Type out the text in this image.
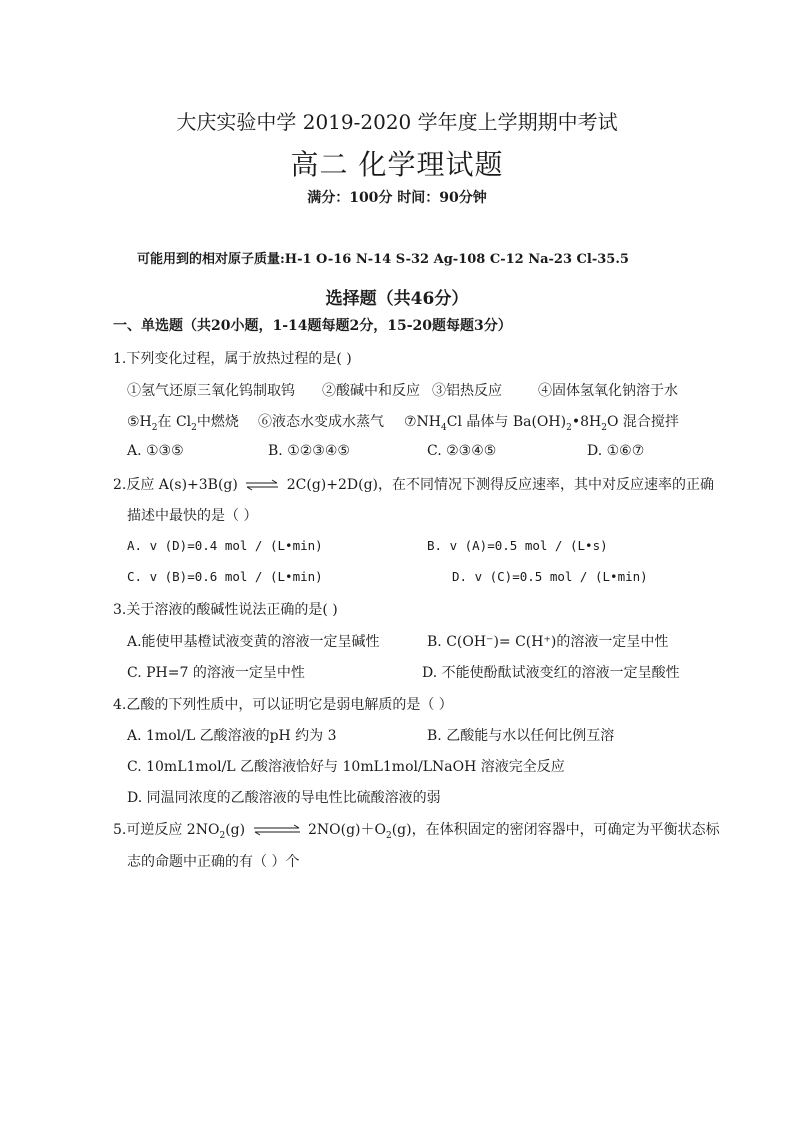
大庆实验中学 2019-2020 学年度上学期期中考试
高二 化学理试题
满分：100分 时间：90分钟
可能用到的相对原子质量:H-1 O-16 N-14 S-32 Ag-108 C-12 Na-23 Cl-35.5
选择题（共46分）
一、单选题（共20小题，1-14题每题2分，15-20题每题3分）
1.下列变化过程，属于放热过程的是( )
①氢气还原三氧化钨制取钨 ②酸碱中和反应 ③铝热反应	④固体氢氧化钠溶于水
$⑤H_2$在 $Cl_2$中燃烧 ⑥液态水变成水蒸气 $⑦NH_4Cl$ 晶体与 $Ba(OH)_2•8H_2O$ 混合搅拌
A. ①③⑤	B. ①②③④⑤	C. ②③④⑤	D. ①⑥⑦
2.反应 A(s)+3B(g) ⇌ 2C(g)+2D(g)，在不同情况下测得反应速率，其中对反应速率的正确
描述中最快的是（ ）
A. v (D)=0.4 mol / (L•min)	B. v (A)=0.5 mol / (L•s)
C. v (B)=0.6 mol / (L•min)	D. v (C)=0.5 mol / (L•min)
3.关于溶液的酸碱性说法正确的是( )
A.能使甲基橙试液变黄的溶液一定呈碱性	B. C(OH⁻)= C(H⁺)的溶液一定呈中性
C. PH=7 的溶液一定呈中性	D. 不能使酚酞试液变红的溶液一定呈酸性
4.乙酸的下列性质中，可以证明它是弱电解质的是（ ）
A. 1mol/L 乙酸溶液的pH 约为 3	B. 乙酸能与水以任何比例互溶
C. 10mL1mol/L 乙酸溶液恰好与 10mL1mol/LNaOH 溶液完全反应
D. 同温同浓度的乙酸溶液的导电性比硫酸溶液的弱
5.可逆反应 $2NO_2(g)$ ⇌ $2NO(g)+O_2(g)$，在体积固定的密闭容器中，可确定为平衡状态标
志的命题中正确的有（ ）个
